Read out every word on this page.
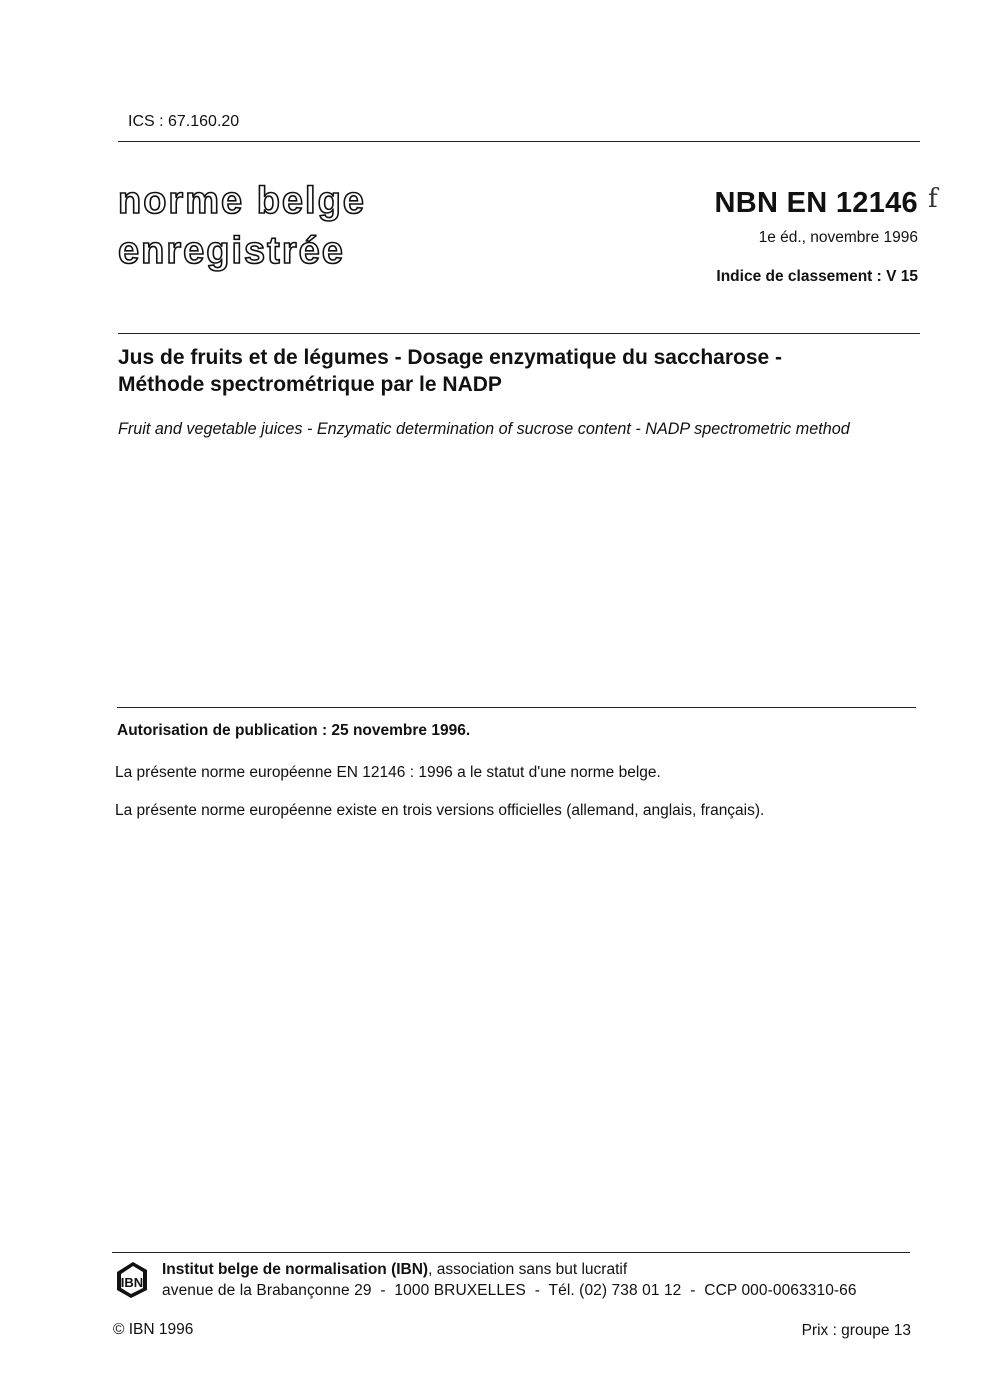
ICS : 67.160.20
norme belge
enregistrée
NBN EN 12146 f
1e éd., novembre 1996
Indice de classement : V 15
Jus de fruits et de légumes - Dosage enzymatique du saccharose -
Méthode spectrométrique par le NADP
Fruit and vegetable juices - Enzymatic determination of sucrose content - NADP spectrometric method
Autorisation de publication : 25 novembre 1996.
La présente norme européenne EN 12146 : 1996 a le statut d'une norme belge.
La présente norme européenne existe en trois versions officielles (allemand, anglais, français).
IBN
Institut belge de normalisation (IBN), association sans but lucratif
avenue de la Brabançonne 29  -  1000 BRUXELLES  -  Tél. (02) 738 01 12  -  CCP 000-0063310-66
© IBN 1996	Prix : groupe 13
